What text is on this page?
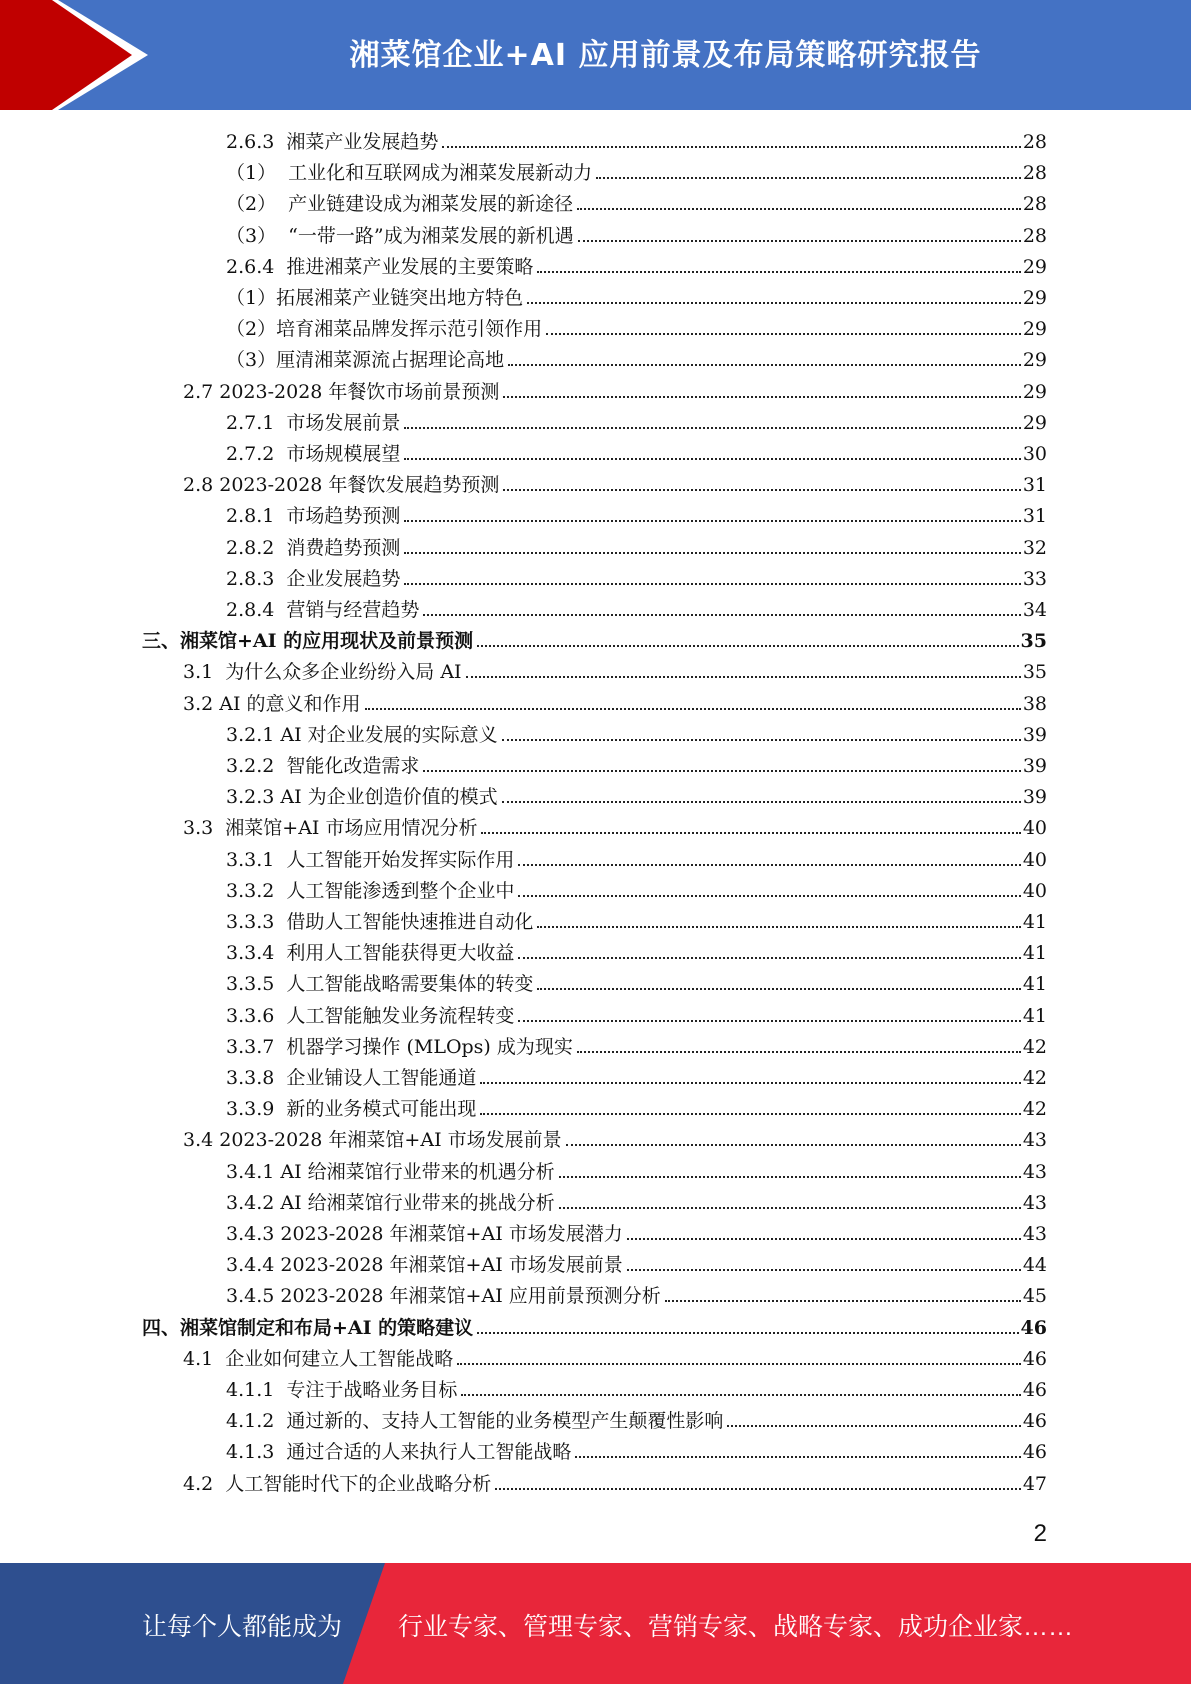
湘菜馆企业+AI 应用前景及布局策略研究报告
2.6.3  湘菜产业发展趋势	28
（1）  工业化和互联网成为湘菜发展新动力	28
（2）  产业链建设成为湘菜发展的新途径	28
（3）  “一带一路”成为湘菜发展的新机遇	28
2.6.4  推进湘菜产业发展的主要策略	29
（1）拓展湘菜产业链突出地方特色	29
（2）培育湘菜品牌发挥示范引领作用	29
（3）厘清湘菜源流占据理论高地	29
2.7 2023-2028 年餐饮市场前景预测	29
2.7.1  市场发展前景	29
2.7.2  市场规模展望	30
2.8 2023-2028 年餐饮发展趋势预测	31
2.8.1  市场趋势预测	31
2.8.2  消费趋势预测	32
2.8.3  企业发展趋势	33
2.8.4  营销与经营趋势	34
三、湘菜馆+AI 的应用现状及前景预测	35
3.1  为什么众多企业纷纷入局 AI	35
3.2 AI 的意义和作用	38
3.2.1 AI 对企业发展的实际意义	39
3.2.2  智能化改造需求	39
3.2.3 AI 为企业创造价值的模式	39
3.3  湘菜馆+AI 市场应用情况分析	40
3.3.1  人工智能开始发挥实际作用	40
3.3.2  人工智能渗透到整个企业中	40
3.3.3  借助人工智能快速推进自动化	41
3.3.4  利用人工智能获得更大收益	41
3.3.5  人工智能战略需要集体的转变	41
3.3.6  人工智能触发业务流程转变	41
3.3.7  机器学习操作 (MLOps) 成为现实	42
3.3.8  企业铺设人工智能通道	42
3.3.9  新的业务模式可能出现	42
3.4 2023-2028 年湘菜馆+AI 市场发展前景	43
3.4.1 AI 给湘菜馆行业带来的机遇分析	43
3.4.2 AI 给湘菜馆行业带来的挑战分析	43
3.4.3 2023-2028 年湘菜馆+AI 市场发展潜力	43
3.4.4 2023-2028 年湘菜馆+AI 市场发展前景	44
3.4.5 2023-2028 年湘菜馆+AI 应用前景预测分析	45
四、湘菜馆制定和布局+AI 的策略建议	46
4.1  企业如何建立人工智能战略	46
4.1.1  专注于战略业务目标	46
4.1.2  通过新的、支持人工智能的业务模型产生颠覆性影响	46
4.1.3  通过合适的人来执行人工智能战略	46
4.2  人工智能时代下的企业战略分析	47
2
让每个人都能成为 行业专家、管理专家、营销专家、战略专家、成功企业家……
